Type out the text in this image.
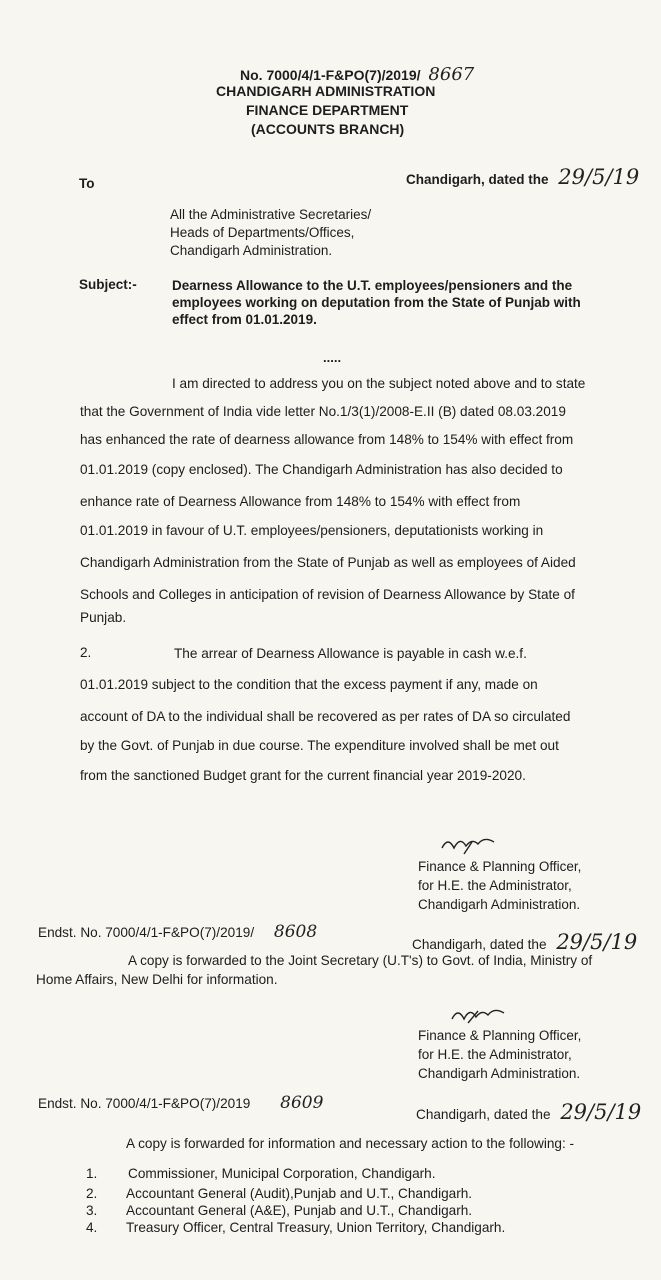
No. 7000/4/1-F&PO(7)/2019/ 8667
CHANDIGARH ADMINISTRATION
FINANCE DEPARTMENT
(ACCOUNTS BRANCH)
Chandigarh, dated the 29/5/19
To
All the Administrative Secretaries/
Heads of Departments/Offices,
Chandigarh Administration.
Subject:-	Dearness Allowance to the U.T. employees/pensioners and the
employees working on deputation from the State of Punjab with
effect from 01.01.2019.
.....
I am directed to address you on the subject noted above and to state
that the Government of India vide letter No.1/3(1)/2008-E.II (B) dated 08.03.2019
has enhanced the rate of dearness allowance from 148% to 154% with effect from
01.01.2019 (copy enclosed). The Chandigarh Administration has also decided to
enhance rate of Dearness Allowance from 148% to 154% with effect from
01.01.2019 in favour of U.T. employees/pensioners, deputationists working in
Chandigarh Administration from the State of Punjab as well as employees of Aided
Schools and Colleges in anticipation of revision of Dearness Allowance by State of
Punjab.
2.	The arrear of Dearness Allowance is payable in cash w.e.f.
01.01.2019 subject to the condition that the excess payment if any, made on
account of DA to the individual shall be recovered as per rates of DA so circulated
by the Govt. of Punjab in due course. The expenditure involved shall be met out
from the sanctioned Budget grant for the current financial year 2019-2020.
Finance & Planning Officer,
for H.E. the Administrator,
Chandigarh Administration.
Endst. No. 7000/4/1-F&PO(7)/2019/ 8608
Chandigarh, dated the 29/5/19
A copy is forwarded to the Joint Secretary (U.T's) to Govt. of India, Ministry of
Home Affairs, New Delhi for information.
Finance & Planning Officer,
for H.E. the Administrator,
Chandigarh Administration.
Endst. No. 7000/4/1-F&PO(7)/2019 8609
Chandigarh, dated the 29/5/19
A copy is forwarded for information and necessary action to the following: -
1. Commissioner, Municipal Corporation, Chandigarh.
2. Accountant General (Audit),Punjab and U.T., Chandigarh.
3. Accountant General (A&E), Punjab and U.T., Chandigarh.
4. Treasury Officer, Central Treasury, Union Territory, Chandigarh.
